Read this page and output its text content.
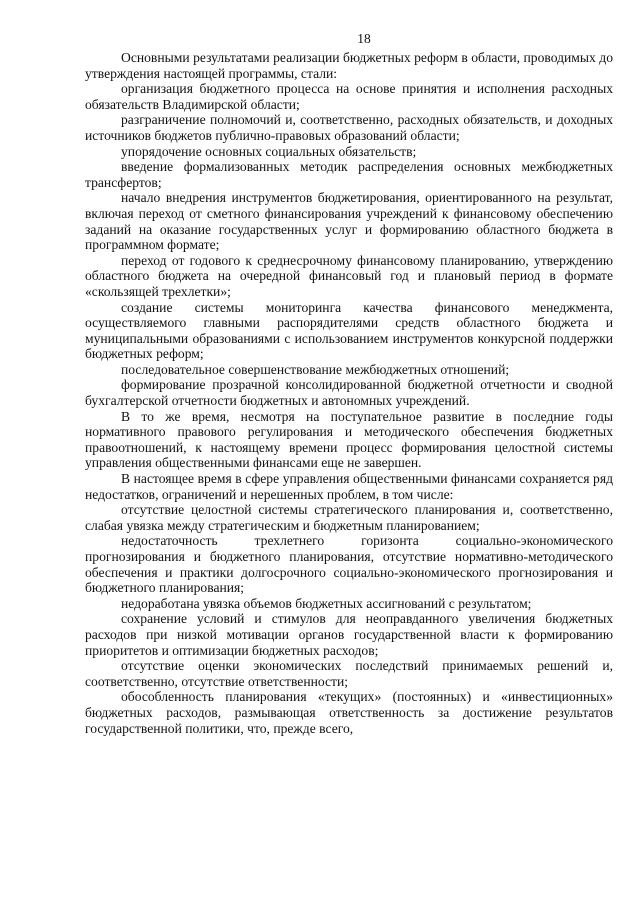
18

Основными результатами реализации бюджетных реформ в области, проводимых до утверждения настоящей программы, стали:

организация бюджетного процесса на основе принятия и исполнения расходных обязательств Владимирской области;

разграничение полномочий и, соответственно, расходных обязательств, и доходных источников бюджетов публично-правовых образований области;

упорядочение основных социальных обязательств;

введение формализованных методик распределения основных межбюджетных трансфертов;

начало внедрения инструментов бюджетирования, ориентированного на результат, включая переход от сметного финансирования учреждений к финансовому обеспечению заданий на оказание государственных услуг и формированию областного бюджета в программном формате;

переход от годового к среднесрочному финансовому планированию, утверждению областного бюджета на очередной финансовый год и плановый период в формате «скользящей трехлетки»;

создание системы мониторинга качества финансового менеджмента, осуществляемого главными распорядителями средств областного бюджета и муниципальными образованиями с использованием инструментов конкурсной поддержки бюджетных реформ;

последовательное совершенствование межбюджетных отношений;

формирование прозрачной консолидированной бюджетной отчетности и сводной бухгалтерской отчетности бюджетных и автономных учреждений.

В то же время, несмотря на поступательное развитие в последние годы нормативного правового регулирования и методического обеспечения бюджетных правоотношений, к настоящему времени процесс формирования целостной системы управления общественными финансами еще не завершен.

В настоящее время в сфере управления общественными финансами сохраняется ряд недостатков, ограничений и нерешенных проблем, в том числе:

отсутствие целостной системы стратегического планирования и, соответственно, слабая увязка между стратегическим и бюджетным планированием;

недостаточность трехлетнего горизонта социально-экономического прогнозирования и бюджетного планирования, отсутствие нормативно-методического обеспечения и практики долгосрочного социально-экономического прогнозирования и бюджетного планирования;

недоработана увязка объемов бюджетных ассигнований с результатом;

сохранение условий и стимулов для неоправданного увеличения бюджетных расходов при низкой мотивации органов государственной власти к формированию приоритетов и оптимизации бюджетных расходов;

отсутствие оценки экономических последствий принимаемых решений и, соответственно, отсутствие ответственности;

обособленность планирования «текущих» (постоянных) и «инвестиционных» бюджетных расходов, размывающая ответственность за достижение результатов государственной политики, что, прежде всего,
